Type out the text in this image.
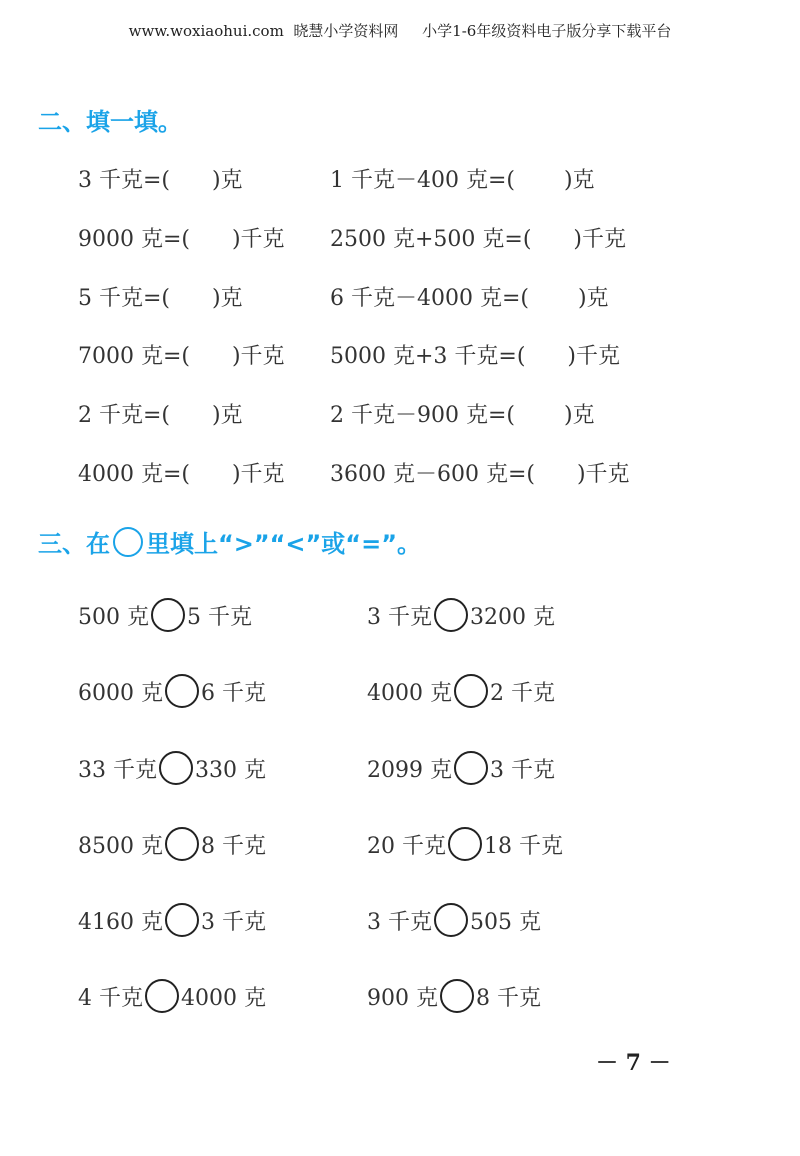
www.woxiaohui.com  晓慧小学资料网     小学1-6年级资料电子版分享下载平台
二、填一填。
3 千克=(      )克	1 千克－400 克=(       )克
9000 克=(      )千克 2500 克+500 克=(      )千克
5 千克=(      )克	6 千克－4000 克=(       )克
7000 克=(      )千克 5000 克+3 千克=(      )千克
2 千克=(      )克	2 千克－900 克=(       )克
4000 克=(      )千克 3600 克－600 克=(      )千克
三、在 里填上“>”“<”或“=”。
500 克 5 千克	3 千克 3200 克
6000 克 6 千克	4000 克 2 千克
33 千克 330 克	2099 克 3 千克
8500 克 8 千克	20 千克 18 千克
4160 克 3 千克	3 千克 505 克
4 千克 4000 克	900 克 8 千克
－ 7 －
